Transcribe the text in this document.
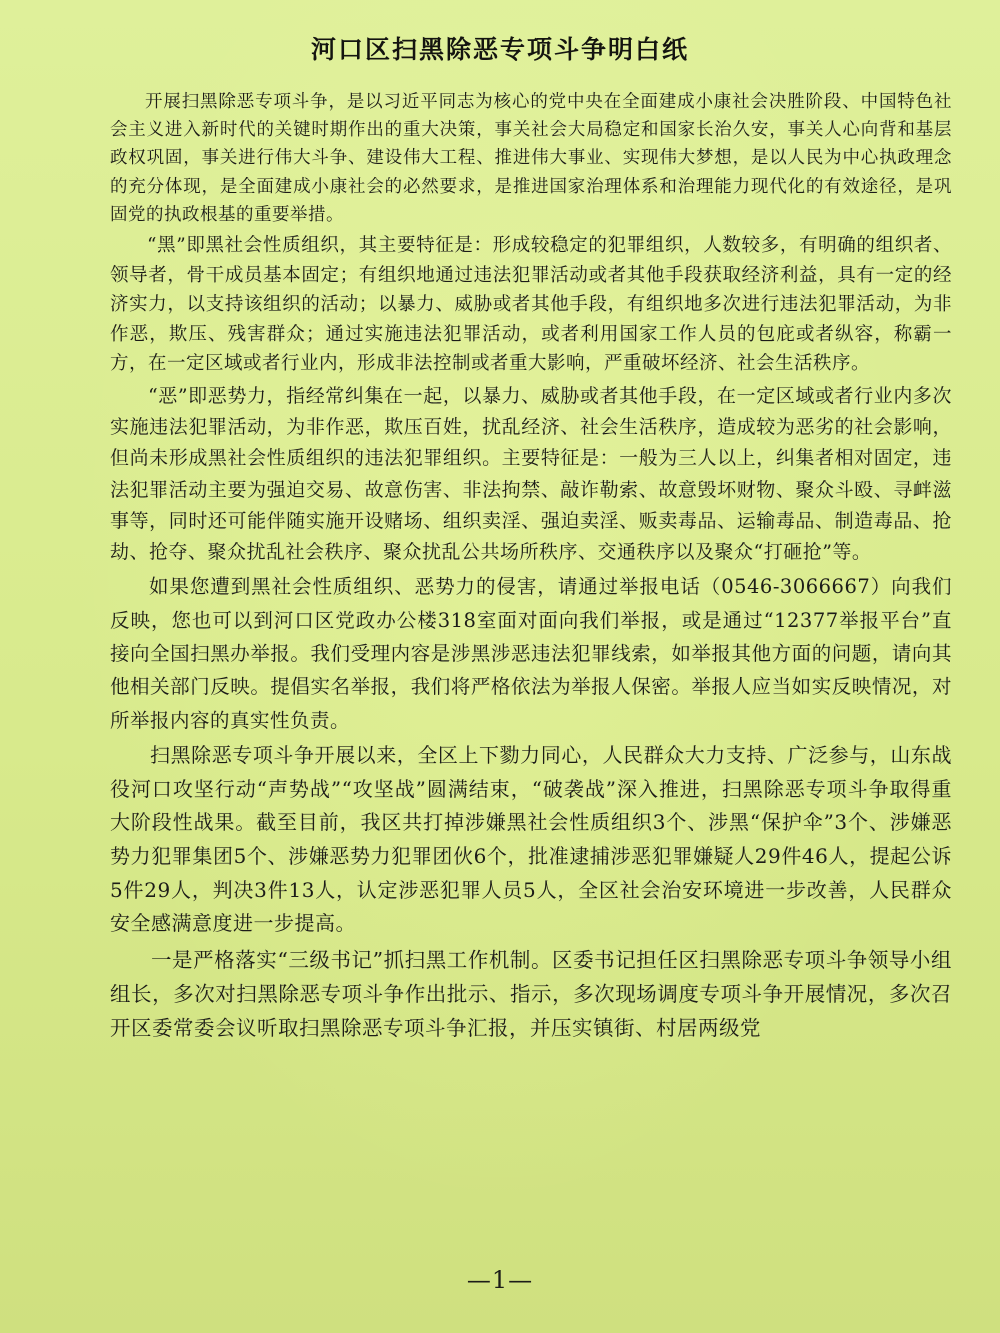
河口区扫黑除恶专项斗争明白纸

开展扫黑除恶专项斗争，是以习近平同志为核心的党中央在全面建成小康社会决胜阶段、中国特色社会主义进入新时代的关键时期作出的重大决策，事关社会大局稳定和国家长治久安，事关人心向背和基层政权巩固，事关进行伟大斗争、建设伟大工程、推进伟大事业、实现伟大梦想，是以人民为中心执政理念的充分体现，是全面建成小康社会的必然要求，是推进国家治理体系和治理能力现代化的有效途径，是巩固党的执政根基的重要举措。

“黑”即黑社会性质组织，其主要特征是：形成较稳定的犯罪组织，人数较多，有明确的组织者、领导者，骨干成员基本固定；有组织地通过违法犯罪活动或者其他手段获取经济利益，具有一定的经济实力，以支持该组织的活动；以暴力、威胁或者其他手段，有组织地多次进行违法犯罪活动，为非作恶，欺压、残害群众；通过实施违法犯罪活动，或者利用国家工作人员的包庇或者纵容，称霸一方，在一定区域或者行业内，形成非法控制或者重大影响，严重破坏经济、社会生活秩序。

“恶”即恶势力，指经常纠集在一起，以暴力、威胁或者其他手段，在一定区域或者行业内多次实施违法犯罪活动，为非作恶，欺压百姓，扰乱经济、社会生活秩序，造成较为恶劣的社会影响，但尚未形成黑社会性质组织的违法犯罪组织。主要特征是：一般为三人以上，纠集者相对固定，违法犯罪活动主要为强迫交易、故意伤害、非法拘禁、敲诈勒索、故意毁坏财物、聚众斗殴、寻衅滋事等，同时还可能伴随实施开设赌场、组织卖淫、强迫卖淫、贩卖毒品、运输毒品、制造毒品、抢劫、抢夺、聚众扰乱社会秩序、聚众扰乱公共场所秩序、交通秩序以及聚众“打砸抢”等。

如果您遭到黑社会性质组织、恶势力的侵害，请通过举报电话（0546-3066667）向我们反映，您也可以到河口区党政办公楼318室面对面向我们举报，或是通过“12377举报平台”直接向全国扫黑办举报。我们受理内容是涉黑涉恶违法犯罪线索，如举报其他方面的问题，请向其他相关部门反映。提倡实名举报，我们将严格依法为举报人保密。举报人应当如实反映情况，对所举报内容的真实性负责。

扫黑除恶专项斗争开展以来，全区上下勠力同心，人民群众大力支持、广泛参与，山东战役河口攻坚行动“声势战”“攻坚战”圆满结束，“破袭战”深入推进，扫黑除恶专项斗争取得重大阶段性战果。截至目前，我区共打掉涉嫌黑社会性质组织3个、涉黑“保护伞”3个、涉嫌恶势力犯罪集团5个、涉嫌恶势力犯罪团伙6个，批准逮捕涉恶犯罪嫌疑人29件46人，提起公诉5件29人，判决3件13人，认定涉恶犯罪人员5人，全区社会治安环境进一步改善，人民群众安全感满意度进一步提高。

一是严格落实“三级书记”抓扫黑工作机制。区委书记担任区扫黑除恶专项斗争领导小组组长，多次对扫黑除恶专项斗争作出批示、指示，多次现场调度专项斗争开展情况，多次召开区委常委会议听取扫黑除恶专项斗争汇报，并压实镇街、村居两级党

—1—
